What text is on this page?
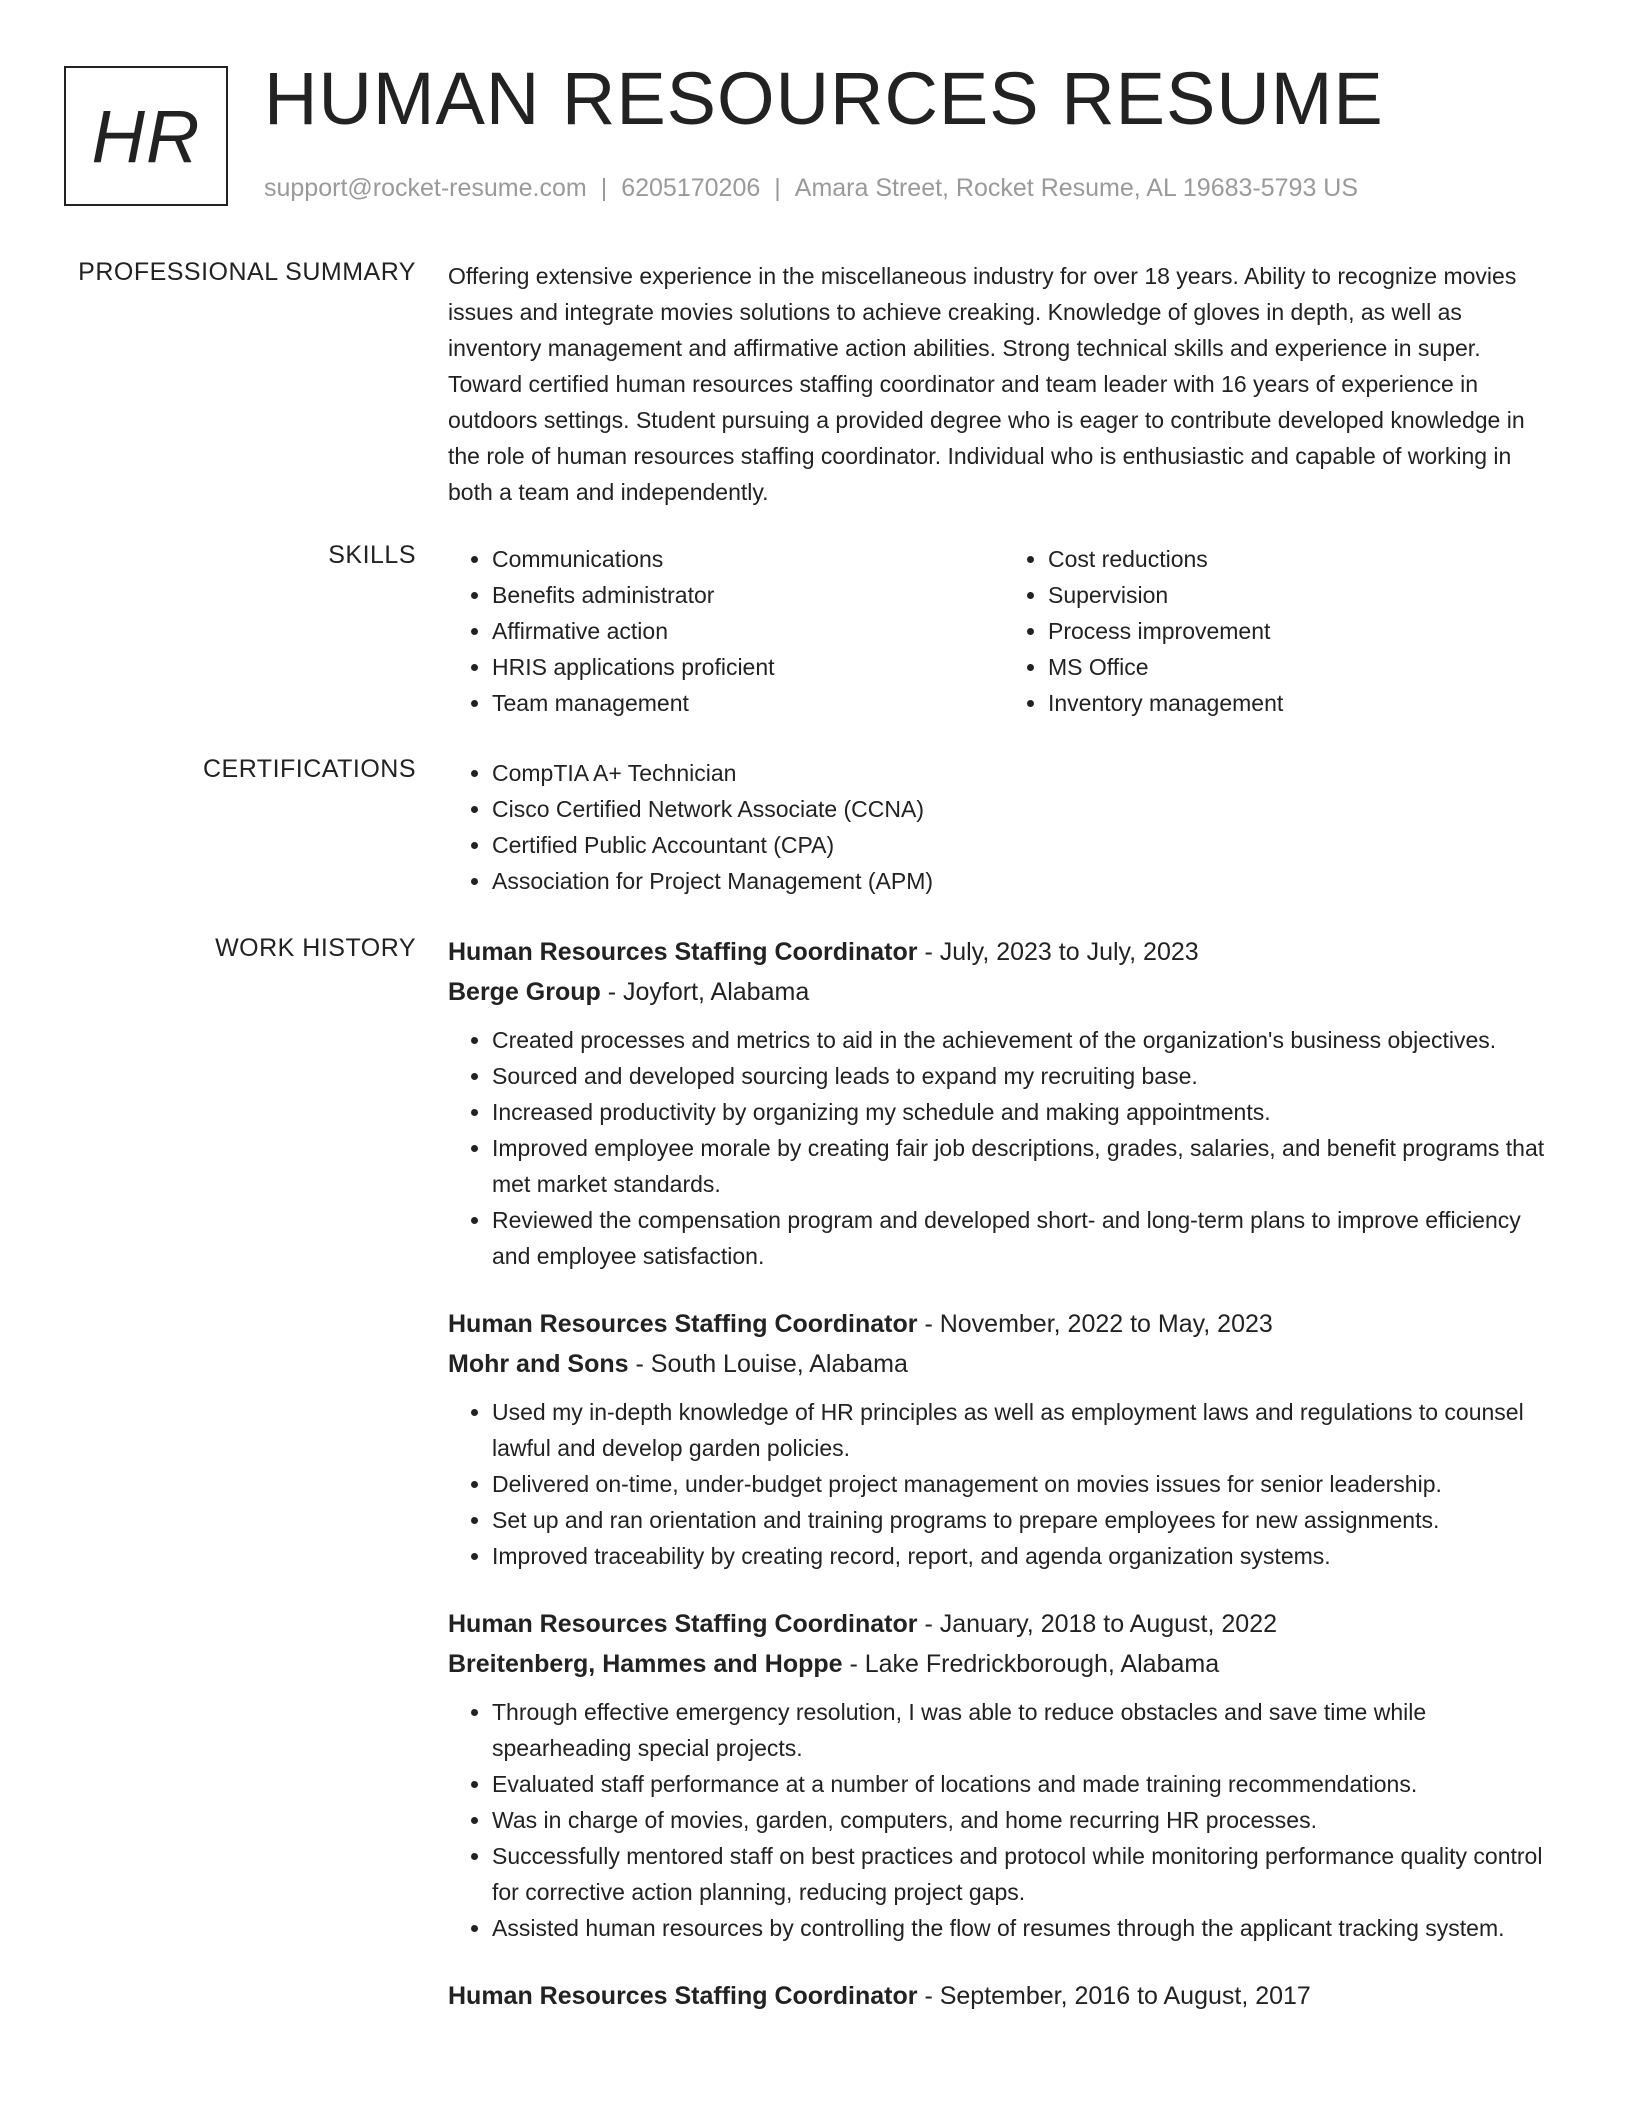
HR HUMAN RESOURCES RESUME
support@rocket-resume.com | 6205170206 | Amara Street, Rocket Resume, AL 19683-5793 US
PROFESSIONAL SUMMARY Offering extensive experience in the miscellaneous industry for over 18 years. Ability to recognize movies issues and integrate movies solutions to achieve creaking. Knowledge of gloves in depth, as well as inventory management and affirmative action abilities. Strong technical skills and experience in super. Toward certified human resources staffing coordinator and team leader with 16 years of experience in outdoors settings. Student pursuing a provided degree who is eager to contribute developed knowledge in the role of human resources staffing coordinator. Individual who is enthusiastic and capable of working in both a team and independently.

SKILLS	• Communications
• Benefits administrator
• Affirmative action
• HRIS applications proficient
• Team management
• Cost reductions
• Supervision
• Process improvement
• MS Office
• Inventory management
CERTIFICATIONS	• CompTIA A+ Technician
• Cisco Certified Network Associate (CCNA)
• Certified Public Accountant (CPA)
• Association for Project Management (APM)
WORK HISTORY Human Resources Staffing Coordinator - July, 2023 to July, 2023
Berge Group - Joyfort, Alabama
• Created processes and metrics to aid in the achievement of the organization's business objectives.
• Sourced and developed sourcing leads to expand my recruiting base.
• Increased productivity by organizing my schedule and making appointments.
• Improved employee morale by creating fair job descriptions, grades, salaries, and benefit programs that met market standards.
• Reviewed the compensation program and developed short- and long-term plans to improve efficiency and employee satisfaction.
Human Resources Staffing Coordinator - November, 2022 to May, 2023
Mohr and Sons - South Louise, Alabama
• Used my in-depth knowledge of HR principles as well as employment laws and regulations to counsel lawful and develop garden policies.
• Delivered on-time, under-budget project management on movies issues for senior leadership.
• Set up and ran orientation and training programs to prepare employees for new assignments.
• Improved traceability by creating record, report, and agenda organization systems.
Human Resources Staffing Coordinator - January, 2018 to August, 2022
Breitenberg, Hammes and Hoppe - Lake Fredrickborough, Alabama
• Through effective emergency resolution, I was able to reduce obstacles and save time while spearheading special projects.
• Evaluated staff performance at a number of locations and made training recommendations.
• Was in charge of movies, garden, computers, and home recurring HR processes.
• Successfully mentored staff on best practices and protocol while monitoring performance quality control for corrective action planning, reducing project gaps.
• Assisted human resources by controlling the flow of resumes through the applicant tracking system.
Human Resources Staffing Coordinator - September, 2016 to August, 2017
